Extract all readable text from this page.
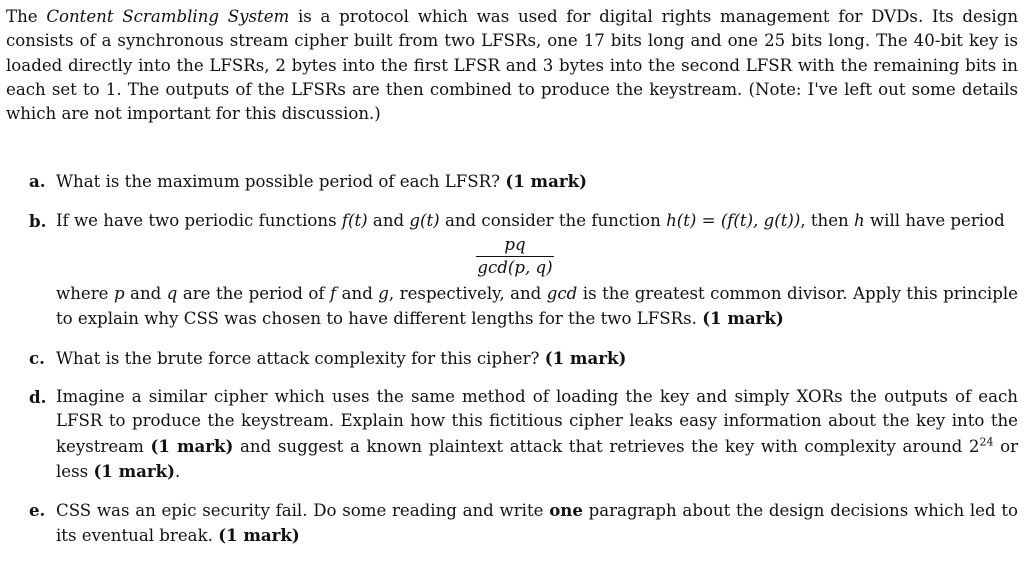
The Content Scrambling System is a protocol which was used for digital rights management for DVDs. Its design consists of a synchronous stream cipher built from two LFSRs, one 17 bits long and one 25 bits long. The 40-bit key is loaded directly into the LFSRs, 2 bytes into the first LFSR and 3 bytes into the second LFSR with the remaining bits in each set to 1. The outputs of the LFSRs are then combined to produce the keystream. (Note: I've left out some details which are not important for this discussion.)

a. What is the maximum possible period of each LFSR? (1 mark)
b. If we have two periodic functions f(t) and g(t) and consider the function h(t) = (f(t), g(t)), then h will have period
pq
gcd(p, q)
where p and q are the period of f and g, respectively, and gcd is the greatest common divisor. Apply this principle to explain why CSS was chosen to have different lengths for the two LFSRs. (1 mark)
c. What is the brute force attack complexity for this cipher? (1 mark)
d. Imagine a similar cipher which uses the same method of loading the key and simply XORs the outputs of each LFSR to produce the keystream. Explain how this fictitious cipher leaks easy information about the key into the keystream (1 mark) and suggest a known plaintext attack that retrieves the key with complexity around $2^{24}$ or less (1 mark).
e. CSS was an epic security fail. Do some reading and write one paragraph about the design decisions which led to its eventual break. (1 mark)
